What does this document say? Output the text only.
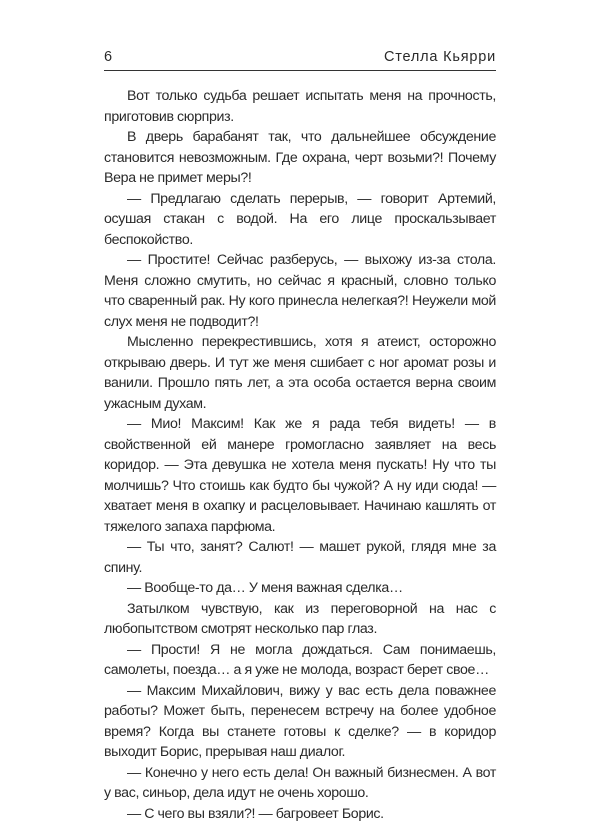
6	Стелла Кьярри

Вот только судьба решает испытать меня на прочность, приготовив сюрприз.

В дверь барабанят так, что дальнейшее обсуждение становится невозможным. Где охрана, черт возьми?! Почему Вера не примет меры?!

— Предлагаю сделать перерыв, — говорит Артемий, осушая стакан с водой. На его лице проскальзывает беспокойство.

— Простите! Сейчас разберусь, — выхожу из-за стола. Меня сложно смутить, но сейчас я красный, словно только что сваренный рак. Ну кого принесла нелегкая?! Неужели мой слух меня не подводит?!

Мысленно перекрестившись, хотя я атеист, осторожно открываю дверь. И тут же меня сшибает с ног аромат розы и ванили. Прошло пять лет, а эта особа остается верна своим ужасным духам.

— Мио! Максим! Как же я рада тебя видеть! — в свойственной ей манере громогласно заявляет на весь коридор. — Эта девушка не хотела меня пускать! Ну что ты молчишь? Что стоишь как будто бы чужой? А ну иди сюда! — хватает меня в охапку и расцеловывает. Начинаю кашлять от тяжелого запаха парфюма.

— Ты что, занят? Салют! — машет рукой, глядя мне за спину.

— Вообще-то да… У меня важная сделка…

Затылком чувствую, как из переговорной на нас с любопытством смотрят несколько пар глаз.

— Прости! Я не могла дождаться. Сам понимаешь, самолеты, поезда… а я уже не молода, возраст берет свое…

— Максим Михайлович, вижу у вас есть дела поважнее работы? Может быть, перенесем встречу на более удобное время? Когда вы станете готовы к сделке? — в коридор выходит Борис, прерывая наш диалог.

— Конечно у него есть дела! Он важный бизнесмен. А вот у вас, синьор, дела идут не очень хорошо.

— С чего вы взяли?! — багровеет Борис.
